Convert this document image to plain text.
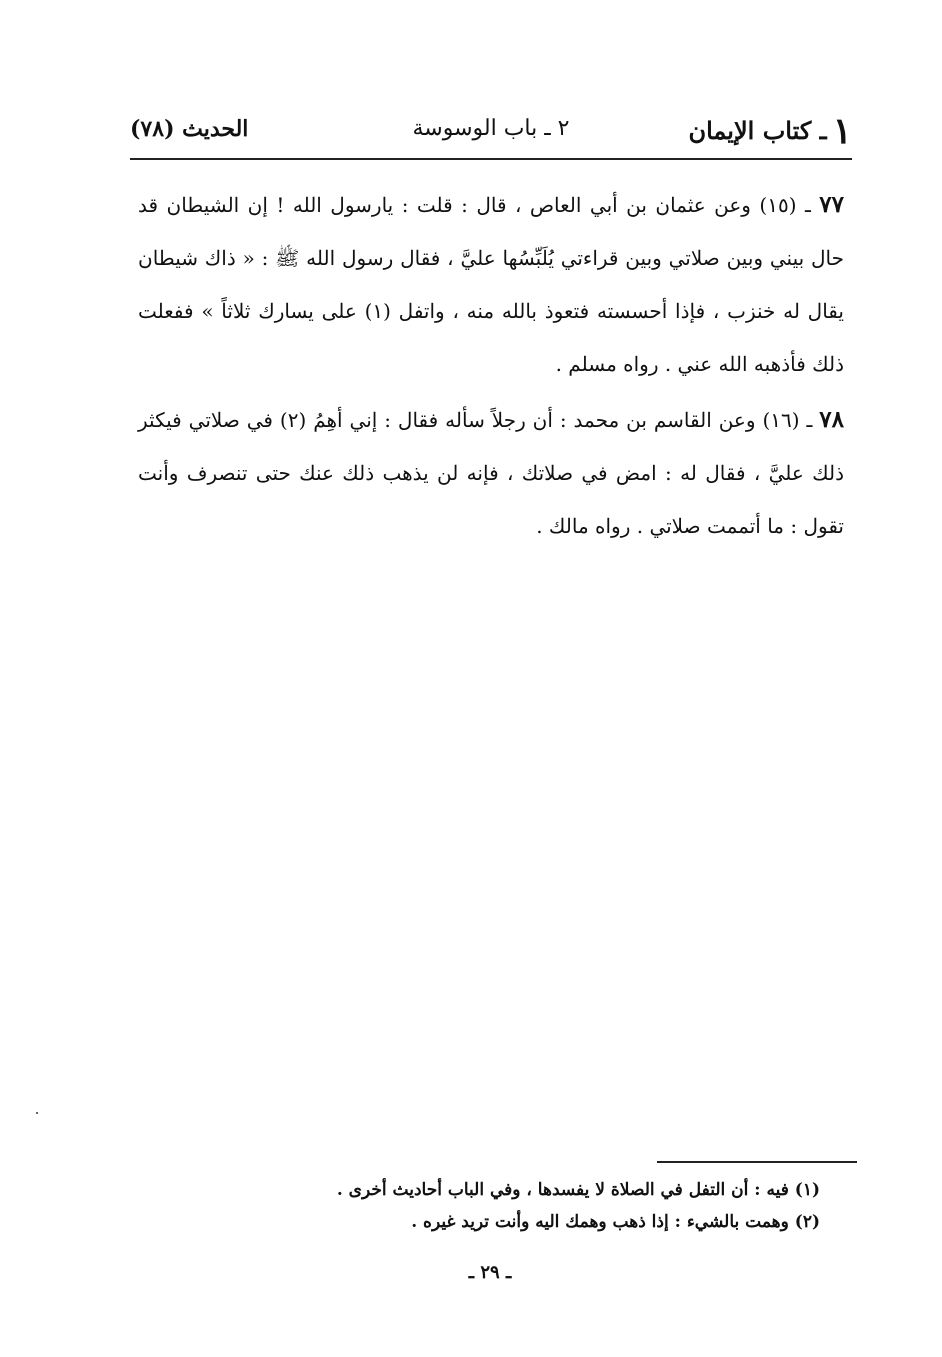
١ـ كتاب الإيمان
٢ ـ باب الوسوسة
الحديث (٧٨)

٧٧ ـ (١٥) وعن عثمان بن أبي العاص ، قال : قلت : يارسول الله ! إن الشيطان قد حال بيني وبين صلاتي وبين قراءتي يُلَبِّسُها عليَّ ، فقال رسول الله ﷺ : « ذاك شيطان يقال له خنزب ، فإذا أحسسته فتعوذ بالله منه ، واتفل (١) على يسارك ثلاثاً » ففعلت ذلك فأذهبه الله عني . رواه مسلم .

٧٨ ـ (١٦) وعن القاسم بن محمد : أن رجلاً سأله فقال : إني أهِمُ (٢) في صلاتي فيكثر ذلك عليَّ ، فقال له : امض في صلاتك ، فإنه لن يذهب ذلك عنك حتى تنصرف وأنت تقول : ما أتممت صلاتي . رواه مالك .

(١) فيه : أن التفل في الصلاة لا يفسدها ، وفي الباب أحاديث أخرى .
(٢) وهمت بالشيء : إذا ذهب وهمك اليه وأنت تريد غيره .
ـ ٢٩ ـ
